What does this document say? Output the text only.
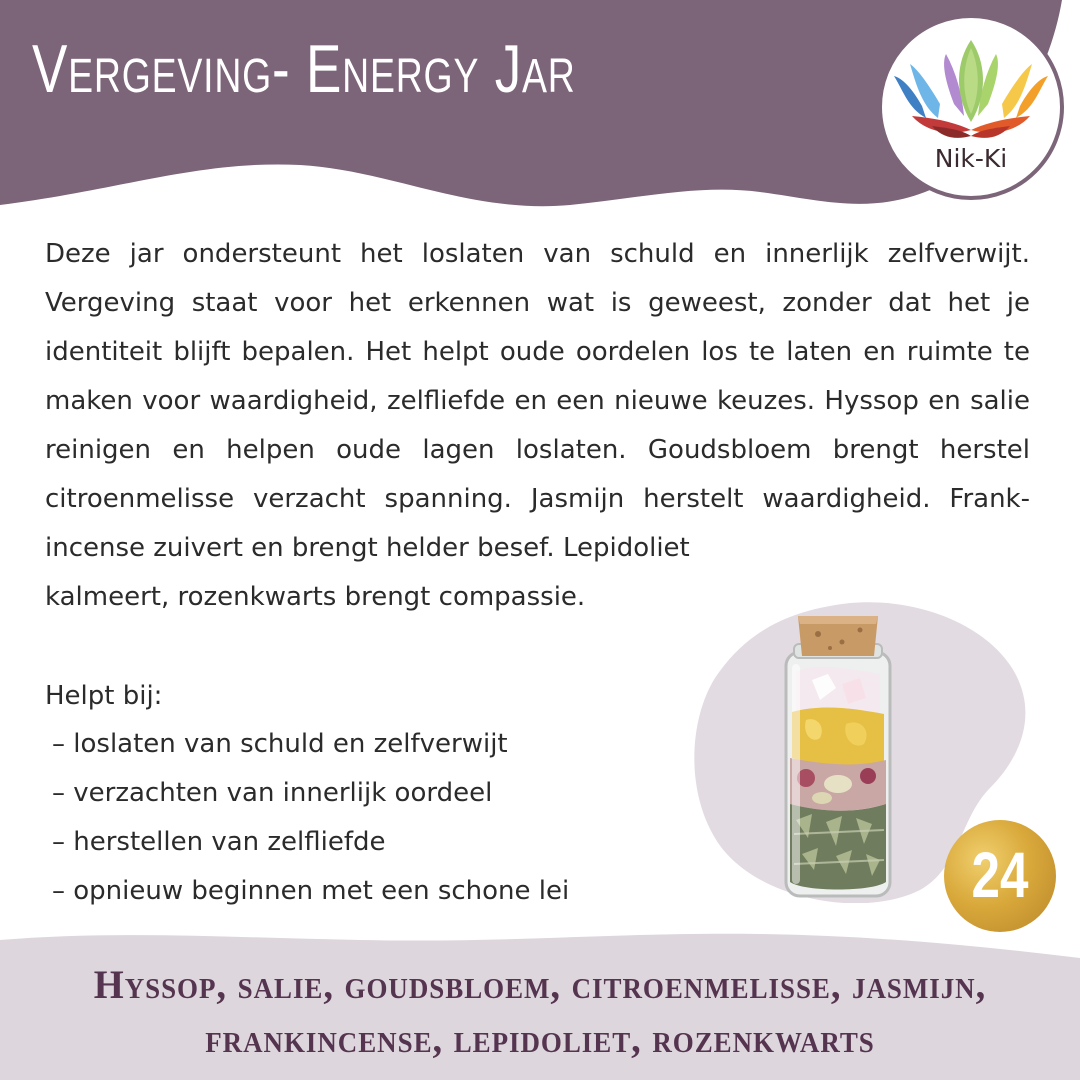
Vergeving- Energy Jar
Nik-Ki

Deze jar ondersteunt het loslaten van schuld en innerlijk zelfverwijt.
Vergeving staat voor het erkennen wat is geweest, zonder dat het je
identiteit blijft bepalen. Het helpt oude oordelen los te laten en ruimte te
maken voor waardigheid, zelfliefde en een nieuwe keuzes. Hyssop en salie
reinigen en helpen oude lagen loslaten. Goudsbloem brengt herstel
citroenmelisse verzacht spanning. Jasmijn herstelt waardigheid. Frank-
incense zuivert en brengt helder besef. Lepidoliet
kalmeert, rozenkwarts brengt compassie.

Helpt bij:

– loslaten van schuld en zelfverwijt
– verzachten van innerlijk oordeel
– herstellen van zelfliefde
– opnieuw beginnen met een schone lei	24

Hyssop, salie, goudsbloem, citroenmelisse, jasmijn,
frankincense, lepidoliet, rozenkwarts
